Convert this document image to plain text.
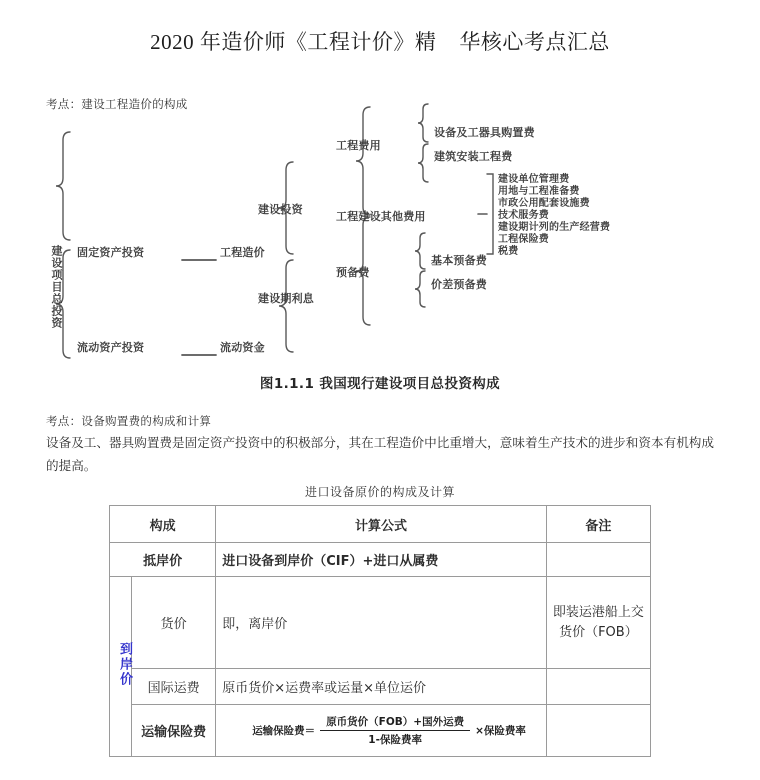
2020 年造价师《工程计价》精    华核心考点汇总
考点：建设工程造价的构成
建设项目总投资 固定资产投资
流动资产投资
工程造价
流动资金
建设投资
建设期利息
工程费用
工程建设其他费用
预备费
设备及工器具购置费
建筑安装工程费
建设单位管理费
用地与工程准备费
市政公用配套设施费
技术服务费
建设期计列的生产经营费
工程保险费
税费
基本预备费
价差预备费
图1.1.1 我国现行建设项目总投资构成
考点：设备购置费的构成和计算
设备及工、器具购置费是固定资产投资中的积极部分，其在工程造价中比重增大，意味着生产技术的进步和资本有机构成的提高。
进口设备原价的构成及计算
构成		计算公式	备注
抵岸价		进口设备到岸价（CIF）+进口从属费	
到岸价	货价	即，离岸价	即装运港船上交货价（FOB）
	国际运费	原币货价×运费率或运量×单位运价	
	运输保险费	运输保险费＝ $\frac{\text{原币货价（FOB）+国外运费}}{\text{1-保险费率}}$ ×保险费率	
